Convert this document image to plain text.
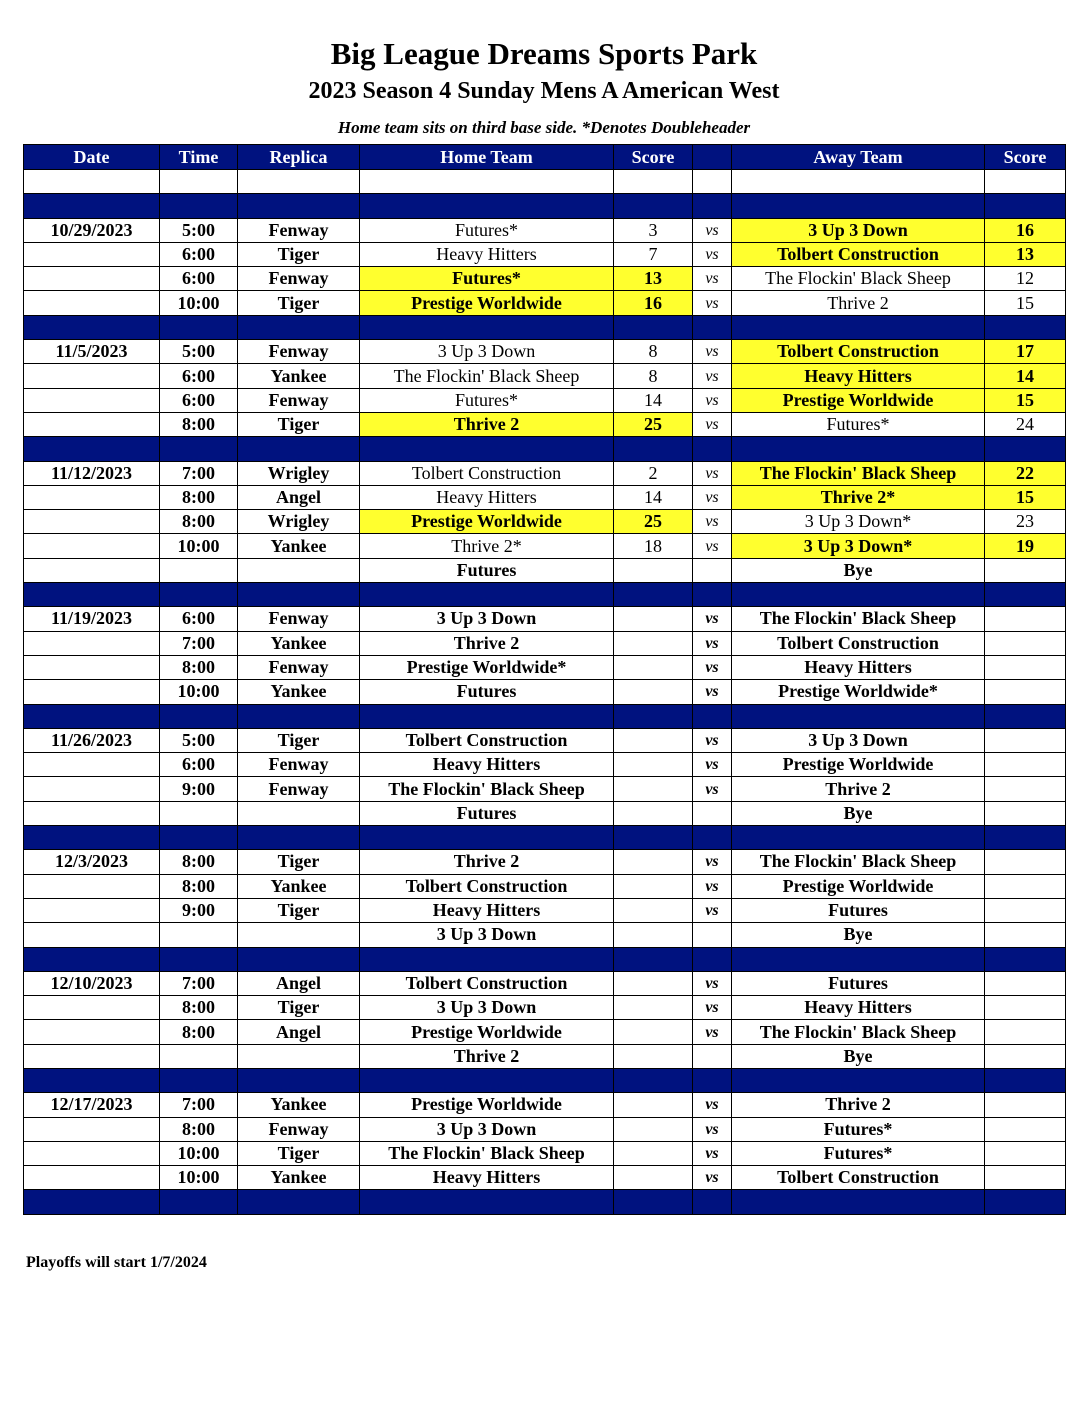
Big League Dreams Sports Park
2023 Season 4 Sunday Mens A American West
Home team sits on third base side. *Denotes Doubleheader
Date	Time	Replica	Home Team	Score		Away Team	Score

10/29/2023	5:00	Fenway	Futures*	3	vs	3 Up 3 Down	16
	6:00	Tiger	Heavy Hitters	7	vs	Tolbert Construction	13
	6:00	Fenway	Futures*	13	vs	The Flockin' Black Sheep	12
	10:00	Tiger	Prestige Worldwide	16	vs	Thrive 2	15

11/5/2023	5:00	Fenway	3 Up 3 Down	8	vs	Tolbert Construction	17
	6:00	Yankee	The Flockin' Black Sheep	8	vs	Heavy Hitters	14
	6:00	Fenway	Futures*	14	vs	Prestige Worldwide	15
	8:00	Tiger	Thrive 2	25	vs	Futures*	24

11/12/2023	7:00	Wrigley	Tolbert Construction	2	vs	The Flockin' Black Sheep	22
	8:00	Angel	Heavy Hitters	14	vs	Thrive 2*	15
	8:00	Wrigley	Prestige Worldwide	25	vs	3 Up 3 Down*	23
	10:00	Yankee	Thrive 2*	18	vs	3 Up 3 Down*	19
			Futures			Bye	

11/19/2023	6:00	Fenway	3 Up 3 Down		vs	The Flockin' Black Sheep	
	7:00	Yankee	Thrive 2		vs	Tolbert Construction	
	8:00	Fenway	Prestige Worldwide*		vs	Heavy Hitters	
	10:00	Yankee	Futures		vs	Prestige Worldwide*	

11/26/2023	5:00	Tiger	Tolbert Construction		vs	3 Up 3 Down	
	6:00	Fenway	Heavy Hitters		vs	Prestige Worldwide	
	9:00	Fenway	The Flockin' Black Sheep		vs	Thrive 2	
			Futures			Bye	

12/3/2023	8:00	Tiger	Thrive 2		vs	The Flockin' Black Sheep	
	8:00	Yankee	Tolbert Construction		vs	Prestige Worldwide	
	9:00	Tiger	Heavy Hitters		vs	Futures	
			3 Up 3 Down			Bye	

12/10/2023	7:00	Angel	Tolbert Construction		vs	Futures	
	8:00	Tiger	3 Up 3 Down		vs	Heavy Hitters	
	8:00	Angel	Prestige Worldwide		vs	The Flockin' Black Sheep	
			Thrive 2			Bye	

12/17/2023	7:00	Yankee	Prestige Worldwide		vs	Thrive 2	
	8:00	Fenway	3 Up 3 Down		vs	Futures*	
	10:00	Tiger	The Flockin' Black Sheep		vs	Futures*	
	10:00	Yankee	Heavy Hitters		vs	Tolbert Construction	

Playoffs will start 1/7/2024
